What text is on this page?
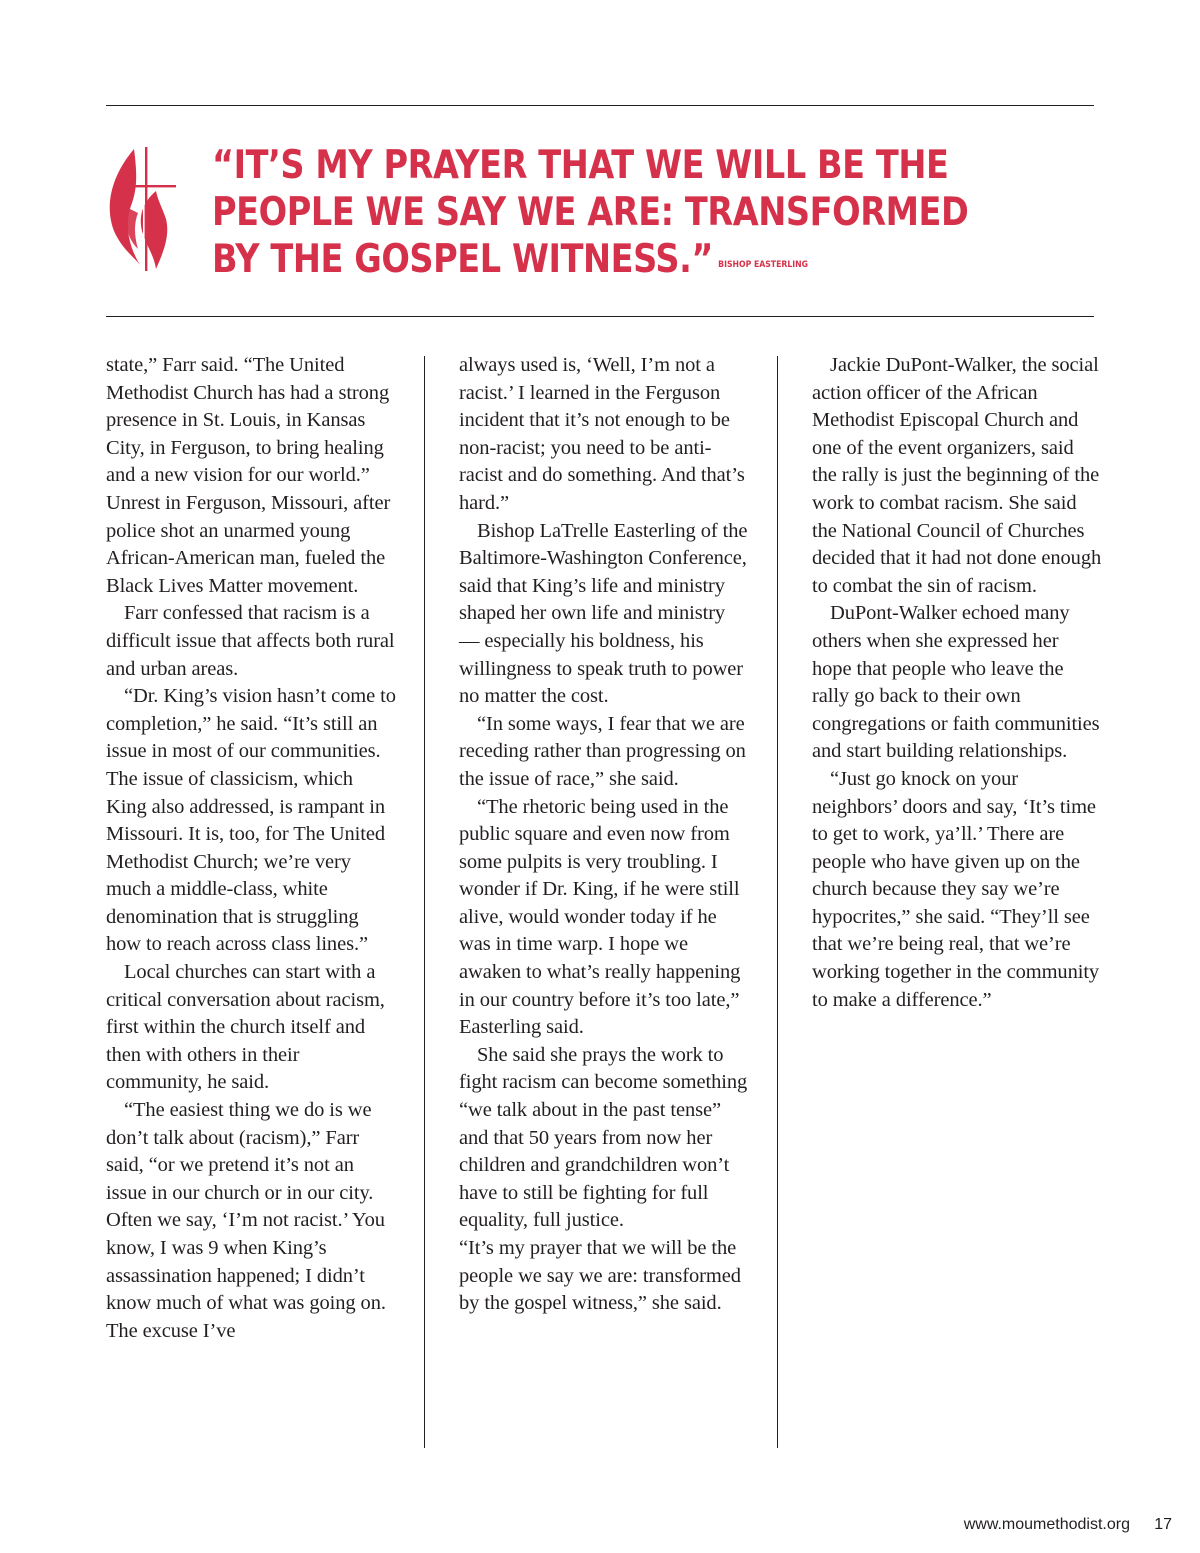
“IT’S MY PRAYER THAT WE WILL BE THE
PEOPLE WE SAY WE ARE: TRANSFORMED
BY THE GOSPEL WITNESS.” BISHOP EASTERLING

state,” Farr said. “The United Methodist Church has had a strong presence in St. Louis, in Kansas City, in Ferguson, to bring healing and a new vision for our world.” Unrest in Ferguson, Missouri, after police shot an unarmed young African-American man, fueled the Black Lives Matter movement.

Farr confessed that racism is a difficult issue that affects both rural and urban areas.

“Dr. King’s vision hasn’t come to completion,” he said. “It’s still an issue in most of our communities.

The issue of classicism, which King also addressed, is rampant in Missouri. It is, too, for The United Methodist Church; we’re very much a middle-class, white denomination that is struggling how to reach across class lines.”

Local churches can start with a critical conversation about racism, first within the church itself and then with others in their community, he said.

“The easiest thing we do is we don’t talk about (racism),” Farr said, “or we pretend it’s not an issue in our church or in our city. Often we say, ‘I’m not racist.’ You know, I was 9 when King’s assassination happened; I didn’t know much of what was going on. The excuse I’ve

always used is, ‘Well, I’m not a racist.’ I learned in the Ferguson incident that it’s not enough to be non-racist; you need to be anti-racist and do something. And that’s hard.”

Bishop LaTrelle Easterling of the Baltimore-Washington Conference, said that King’s life and ministry shaped her own life and ministry — especially his boldness, his willingness to speak truth to power no matter the cost.

“In some ways, I fear that we are receding rather than progressing on the issue of race,” she said.

“The rhetoric being used in the public square and even now from some pulpits is very troubling. I wonder if Dr. King, if he were still alive, would wonder today if he was in time warp. I hope we awaken to what’s really happening in our country before it’s too late,” Easterling said.

She said she prays the work to fight racism can become something “we talk about in the past tense” and that 50 years from now her children and grandchildren won’t have to still be fighting for full equality, full justice.

“It’s my prayer that we will be the people we say we are: transformed by the gospel witness,” she said.

Jackie DuPont-Walker, the social action officer of the African Methodist Episcopal Church and one of the event organizers, said the rally is just the beginning of the work to combat racism. She said the National Council of Churches decided that it had not done enough to combat the sin of racism.

DuPont-Walker echoed many others when she expressed her hope that people who leave the rally go back to their own congregations or faith communities and start building relationships.

“Just go knock on your neighbors’ doors and say, ‘It’s time to get to work, ya’ll.’ There are people who have given up on the church because they say we’re hypocrites,” she said. “They’ll see that we’re being real, that we’re working together in the community to make a difference.”

www.moumethodist.org 17
